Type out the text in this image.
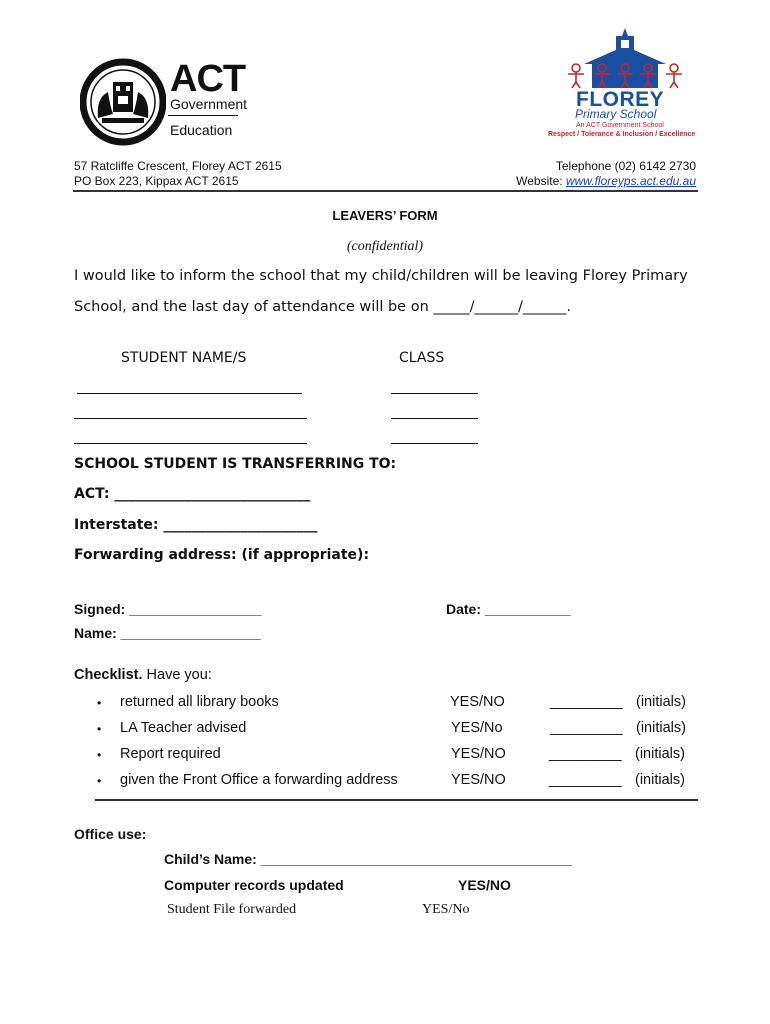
ACT
Government
Education
FLOREY
Primary School
An ACT Government School
Respect / Tolerance & Inclusion / Excellence
57 Ratcliffe Crescent, Florey ACT 2615
PO Box 223, Kippax ACT 2615
Telephone (02) 6142 2730
Website: www.floreyps.act.edu.au
LEAVERS’ FORM
(confidential)
I would like to inform the school that my child/children will be leaving Florey Primary
School, and the last day of attendance will be on _____/______/______.
STUDENT NAME/S	CLASS
SCHOOL STUDENT IS TRANSFERRING TO:
ACT: ____________________________
Interstate: ______________________
Forwarding address: (if appropriate):
Signed: _________________	Date: ___________
Name: __________________
Checklist. Have you:
• returned all library books	YES/NO	_________ (initials)
• LA Teacher advised	YES/No	_________ (initials)
• Report required	YES/NO	_________ (initials)
• given the Front Office a forwarding address	YES/NO	_________ (initials)
Office use:
Child’s Name: ________________________________________
Computer records updated	YES/NO
Student File forwarded	YES/No
